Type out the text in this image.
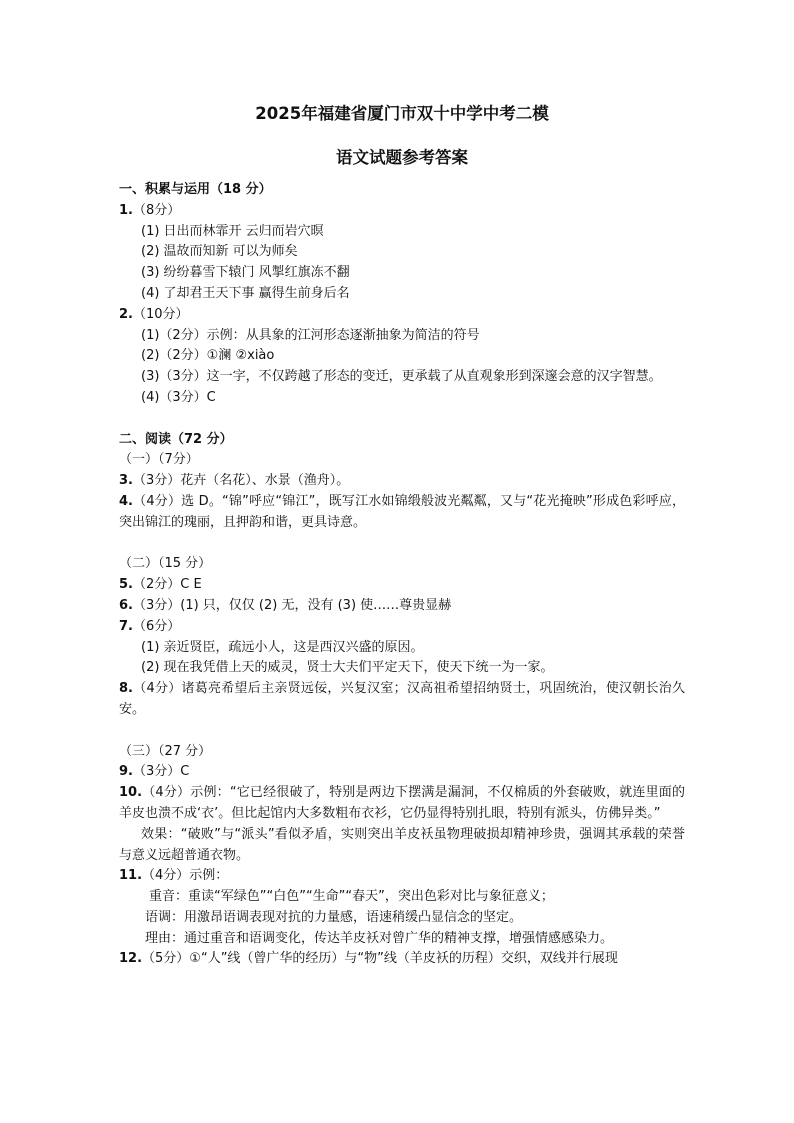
2025年福建省厦门市双十中学中考二模
语文试题参考答案
一、积累与运用（18 分）
1.（8分）
(1) 日出而林霏开 云归而岩穴暝
(2) 温故而知新 可以为师矣
(3) 纷纷暮雪下辕门 风掣红旗冻不翻
(4) 了却君王天下事 赢得生前身后名
2.（10分）
(1)（2分）示例：从具象的江河形态逐渐抽象为简洁的符号
(2)（2分）①澜 ②xiào
(3)（3分）这一字，不仅跨越了形态的变迁，更承载了从直观象形到深邃会意的汉字智慧。
(4)（3分）C
二、阅读（72 分）
（一）（7分）
3.（3分）花卉（名花）、水景（渔舟）。
4.（4分）选 D。“锦”呼应“锦江”，既写江水如锦缎般波光粼粼，又与“花光掩映”形成色彩呼应，突出锦江的瑰丽，且押韵和谐，更具诗意。
（二）（15 分）
5.（2分）C E
6.（3分）(1) 只，仅仅 (2) 无，没有 (3) 使……尊贵显赫
7.（6分）
(1) 亲近贤臣，疏远小人，这是西汉兴盛的原因。
(2) 现在我凭借上天的威灵，贤士大夫们平定天下，使天下统一为一家。
8.（4分）诸葛亮希望后主亲贤远佞，兴复汉室；汉高祖希望招纳贤士，巩固统治，使汉朝长治久安。
（三）（27 分）
9.（3分）C
10.（4分）示例：“它已经很破了，特别是两边下摆满是漏洞，不仅棉质的外套破败，就连里面的羊皮也溃不成‘衣’。但比起馆内大多数粗布衣衫，它仍显得特别扎眼，特别有派头，仿佛异类。”
效果：“破败”与“派头”看似矛盾，实则突出羊皮袄虽物理破损却精神珍贵，强调其承载的荣誉与意义远超普通衣物。
11.（4分）示例：
重音：重读“军绿色”“白色”“生命”“春天”，突出色彩对比与象征意义；
语调：用激昂语调表现对抗的力量感，语速稍缓凸显信念的坚定。
理由：通过重音和语调变化，传达羊皮袄对曾广华的精神支撑，增强情感感染力。
12.（5分）①“人”线（曾广华的经历）与“物”线（羊皮袄的历程）交织，双线并行展现
